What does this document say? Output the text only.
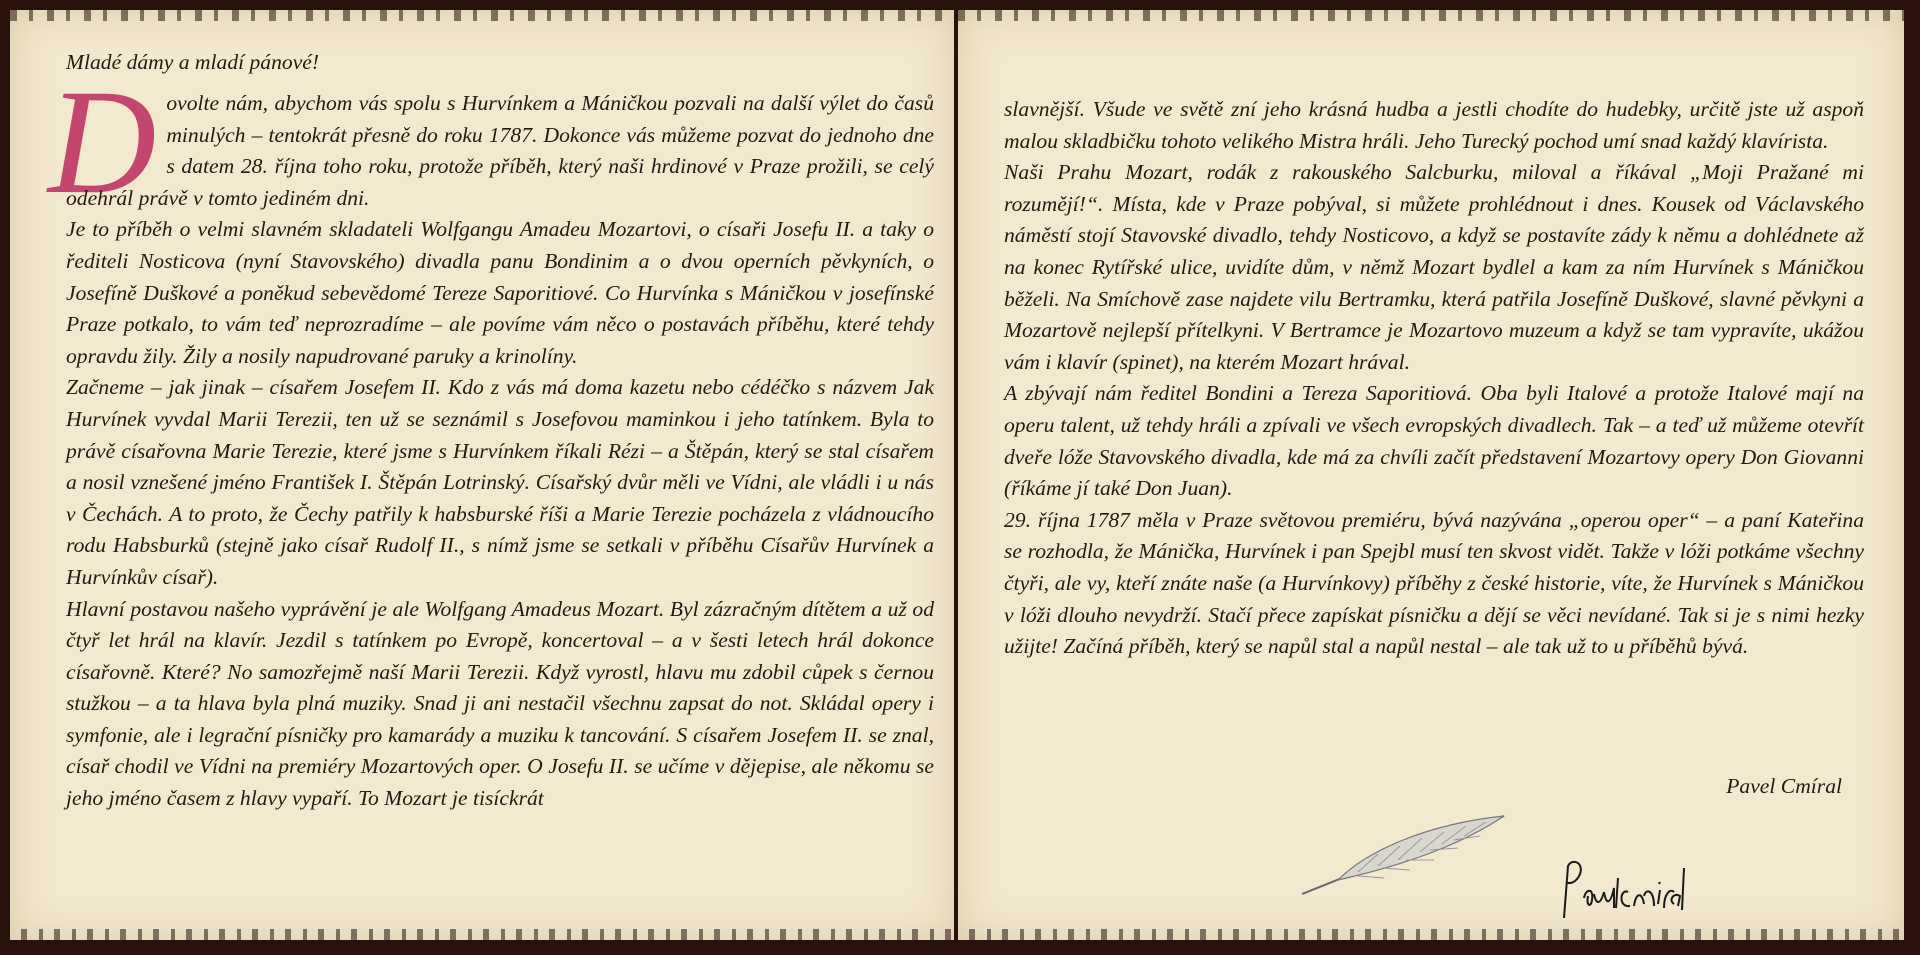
Mladé dámy a mladí pánové!

Dovolte nám, abychom vás spolu s Hurvínkem a Máničkou pozvali na další výlet do časů minulých – tentokrát přesně do roku 1787. Dokonce vás můžeme pozvat do jednoho dne s datem 28. října toho roku, protože příběh, který naši hrdinové v Praze prožili, se celý odehrál právě v tomto jediném dni.

Je to příběh o velmi slavném skladateli Wolfgangu Amadeu Mozartovi, o císaři Josefu II. a taky o řediteli Nosticova (nyní Stavovského) divadla panu Bondinim a o dvou operních pěvkyních, o Josefíně Duškové a poněkud sebevědomé Tereze Saporitiové. Co Hurvínka s Máničkou v josefínské Praze potkalo, to vám teď neprozradíme – ale povíme vám něco o postavách příběhu, které tehdy opravdu žily. Žily a nosily napudrované paruky a krinolíny.

Začneme – jak jinak – císařem Josefem II. Kdo z vás má doma kazetu nebo cédéčko s názvem Jak Hurvínek vyvdal Marii Terezii, ten už se seznámil s Josefovou maminkou i jeho tatínkem. Byla to právě císařovna Marie Terezie, které jsme s Hurvínkem říkali Rézi – a Štěpán, který se stal císařem a nosil vznešené jméno František I. Štěpán Lotrinský. Císařský dvůr měli ve Vídni, ale vládli i u nás v Čechách. A to proto, že Čechy patřily k habsburské říši a Marie Terezie pocházela z vládnoucího rodu Habsburků (stejně jako císař Rudolf II., s nímž jsme se setkali v příběhu Císařův Hurvínek a Hurvínkův císař).

Hlavní postavou našeho vyprávění je ale Wolfgang Amadeus Mozart. Byl zázračným dítětem a už od čtyř let hrál na klavír. Jezdil s tatínkem po Evropě, koncertoval – a v šesti letech hrál dokonce císařovně. Které? No samozřejmě naší Marii Terezii. Když vyrostl, hlavu mu zdobil cůpek s černou stužkou – a ta hlava byla plná muziky. Snad ji ani nestačil všechnu zapsat do not. Skládal opery i symfonie, ale i legrační písničky pro kamarády a muziku k tancování. S císařem Josefem II. se znal, císař chodil ve Vídni na premiéry Mozartových oper. O Josefu II. se učíme v dějepise, ale někomu se jeho jméno časem z hlavy vypaří. To Mozart je tisíckrát

slavnější. Všude ve světě zní jeho krásná hudba a jestli chodíte do hudebky, určitě jste už aspoň malou skladbičku tohoto velikého Mistra hráli. Jeho Turecký pochod umí snad každý klavírista.

Naši Prahu Mozart, rodák z rakouského Salcburku, miloval a říkával „Moji Pražané mi rozumějí!“. Místa, kde v Praze pobýval, si můžete prohlédnout i dnes. Kousek od Václavského náměstí stojí Stavovské divadlo, tehdy Nosticovo, a když se postavíte zády k němu a dohlédnete až na konec Rytířské ulice, uvidíte dům, v němž Mozart bydlel a kam za ním Hurvínek s Máničkou běželi. Na Smíchově zase najdete vilu Bertramku, která patřila Josefíně Duškové, slavné pěvkyni a Mozartově nejlepší přítelkyni. V Bertramce je Mozartovo muzeum a když se tam vypravíte, ukážou vám i klavír (spinet), na kterém Mozart hrával.

A zbývají nám ředitel Bondini a Tereza Saporitiová. Oba byli Italové a protože Italové mají na operu talent, už tehdy hráli a zpívali ve všech evropských divadlech. Tak – a teď už můžeme otevřít dveře lóže Stavovského divadla, kde má za chvíli začít představení Mozartovy opery Don Giovanni (říkáme jí také Don Juan).

29. října 1787 měla v Praze světovou premiéru, bývá nazývána „operou oper“ – a paní Kateřina se rozhodla, že Mánička, Hurvínek i pan Spejbl musí ten skvost vidět. Takže v lóži potkáme všechny čtyři, ale vy, kteří znáte naše (a Hurvínkovy) příběhy z české historie, víte, že Hurvínek s Máničkou v lóži dlouho nevydrží. Stačí přece zapískat písničku a dějí se věci nevídané. Tak si je s nimi hezky užijte! Začíná příběh, který se napůl stal a napůl nestal – ale tak už to u příběhů bývá.

Pavel Cmíral
